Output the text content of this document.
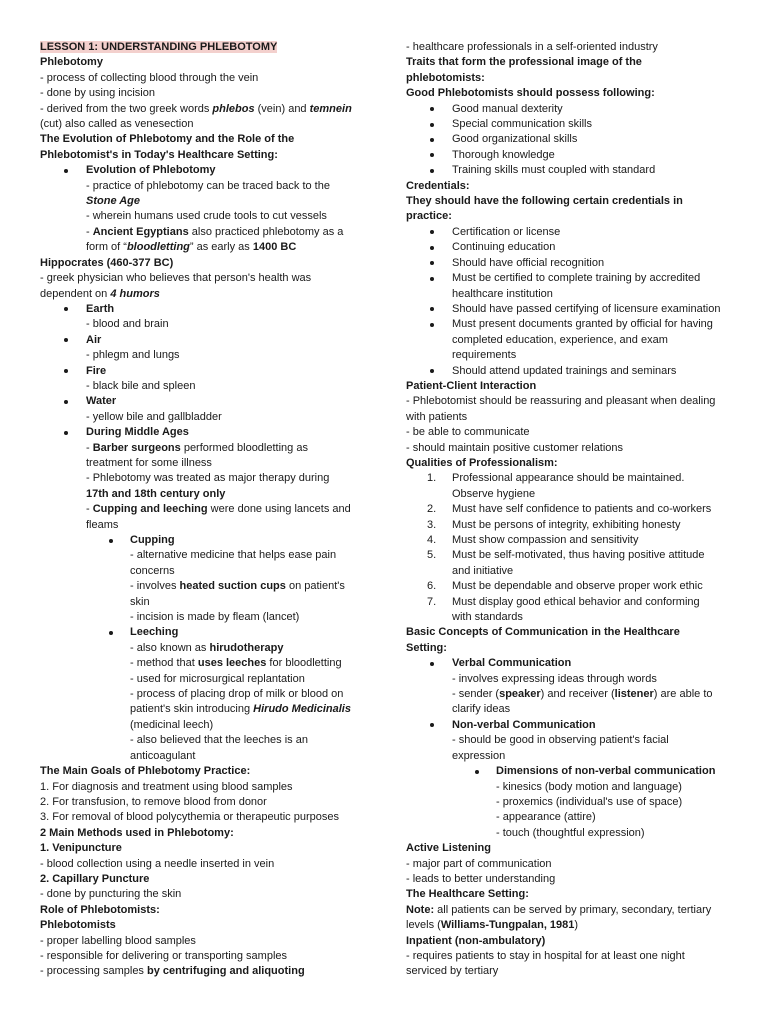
LESSON 1: UNDERSTANDING PHLEBOTOMY
Phlebotomy
- process of collecting blood through the vein
- done by using incision
- derived from the two greek words phlebos (vein) and temnein
(cut) also called as venesection
The Evolution of Phlebotomy and the Role of the
Phlebotomist's in Today's Healthcare Setting:
Evolution of Phlebotomy
- practice of phlebotomy can be traced back to the
Stone Age
- wherein humans used crude tools to cut vessels
- Ancient Egyptians also practiced phlebotomy as a
form of “bloodletting” as early as 1400 BC
Hippocrates (460-377 BC)
- greek physician who believes that person's health was
dependent on 4 humors
Earth
- blood and brain
Air
- phlegm and lungs
Fire
- black bile and spleen
Water
- yellow bile and gallbladder
During Middle Ages
- Barber surgeons performed bloodletting as
treatment for some illness
- Phlebotomy was treated as major therapy during
17th and 18th century only
- Cupping and leeching were done using lancets and
fleams
Cupping
- alternative medicine that helps ease pain
concerns
- involves heated suction cups on patient's
skin
- incision is made by fleam (lancet)
Leeching
- also known as hirudotherapy
- method that uses leeches for bloodletting
- used for microsurgical replantation
- process of placing drop of milk or blood on
patient's skin introducing Hirudo Medicinalis
(medicinal leech)
- also believed that the leeches is an
anticoagulant
The Main Goals of Phlebotomy Practice:
1. For diagnosis and treatment using blood samples
2. For transfusion, to remove blood from donor
3. For removal of blood polycythemia or therapeutic purposes
2 Main Methods used in Phlebotomy:
1. Venipuncture
- blood collection using a needle inserted in vein
2. Capillary Puncture
- done by puncturing the skin
Role of Phlebotomists:
Phlebotomists
- proper labelling blood samples
- responsible for delivering or transporting samples
- processing samples by centrifuging and aliquoting
- healthcare professionals in a self-oriented industry
Traits that form the professional image of the
phlebotomists:
Good Phlebotomists should possess following:
Good manual dexterity
Special communication skills
Good organizational skills
Thorough knowledge
Training skills must coupled with standard
Credentials:
They should have the following certain credentials in
practice:
Certification or license
Continuing education
Should have official recognition
Must be certified to complete training by accredited
healthcare institution
Should have passed certifying of licensure examination
Must present documents granted by official for having
completed education, experience, and exam
requirements
Should attend updated trainings and seminars
Patient-Client Interaction
- Phlebotomist should be reassuring and pleasant when dealing
with patients
- be able to communicate
- should maintain positive customer relations
Qualities of Professionalism:
1. Professional appearance should be maintained.
Observe hygiene
2. Must have self confidence to patients and co-workers
3. Must be persons of integrity, exhibiting honesty
4. Must show compassion and sensitivity
5. Must be self-motivated, thus having positive attitude
and initiative
6. Must be dependable and observe proper work ethic
7. Must display good ethical behavior and conforming
with standards
Basic Concepts of Communication in the Healthcare
Setting:
Verbal Communication
- involves expressing ideas through words
- sender (speaker) and receiver (listener) are able to
clarify ideas
Non-verbal Communication
- should be good in observing patient's facial
expression
Dimensions of non-verbal communication
- kinesics (body motion and language)
- proxemics (individual's use of space)
- appearance (attire)
- touch (thoughtful expression)
Active Listening
- major part of communication
- leads to better understanding
The Healthcare Setting:
Note: all patients can be served by primary, secondary, tertiary
levels (Williams-Tungpalan, 1981)
Inpatient (non-ambulatory)
- requires patients to stay in hospital for at least one night
serviced by tertiary
